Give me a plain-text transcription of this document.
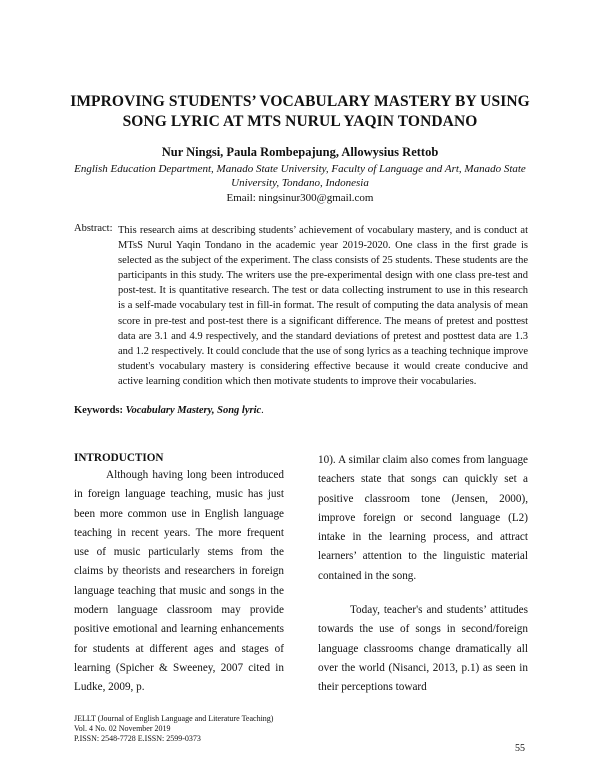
IMPROVING STUDENTS’ VOCABULARY MASTERY BY USING
SONG LYRIC AT MTS NURUL YAQIN TONDANO
Nur Ningsi, Paula Rombepajung, Allowysius Rettob
English Education Department, Manado State University, Faculty of Language and Art, Manado State
University, Tondano, Indonesia
Email: ningsinur300@gmail.com
Abstract: This research aims at describing students’ achievement of vocabulary mastery, and is conduct at MTsS Nurul Yaqin Tondano in the academic year 2019-2020. One class in the first grade is selected as the subject of the experiment. The class consists of 25 students. These students are the participants in this study. The writers use the pre-experimental design with one class pre-test and post-test. It is quantitative research. The test or data collecting instrument to use in this research is a self-made vocabulary test in fill-in format. The result of computing the data analysis of mean score in pre-test and post-test there is a significant difference. The means of pretest and posttest data are 3.1 and 4.9 respectively, and the standard deviations of pretest and posttest data are 1.3 and 1.2 respectively. It could conclude that the use of song lyrics as a teaching technique improve student's vocabulary mastery is considering effective because it would create conducive and active learning condition which then motivate students to improve their vocabularies.
Keywords: Vocabulary Mastery, Song lyric.

INTRODUCTION

Although having long been introduced in foreign language teaching, music has just been more common use in English language teaching in recent years. The more frequent use of music particularly stems from the claims by theorists and researchers in foreign language teaching that music and songs in the modern language classroom may provide positive emotional and learning enhancements for students at different ages and stages of learning (Spicher & Sweeney, 2007 cited in Ludke, 2009, p.

10). A similar claim also comes from language teachers state that songs can quickly set a positive classroom tone (Jensen, 2000), improve foreign or second language (L2) intake in the learning process, and attract learners’ attention to the linguistic material contained in the song.

Today, teacher's and students’ attitudes towards the use of songs in second/foreign language classrooms change dramatically all over the world (Nisanci, 2013, p.1) as seen in their perceptions toward

JELLT (Journal of English Language and Literature Teaching)
Vol. 4 No. 02 November 2019
P.ISSN: 2548-7728 E.ISSN: 2599-0373
55
